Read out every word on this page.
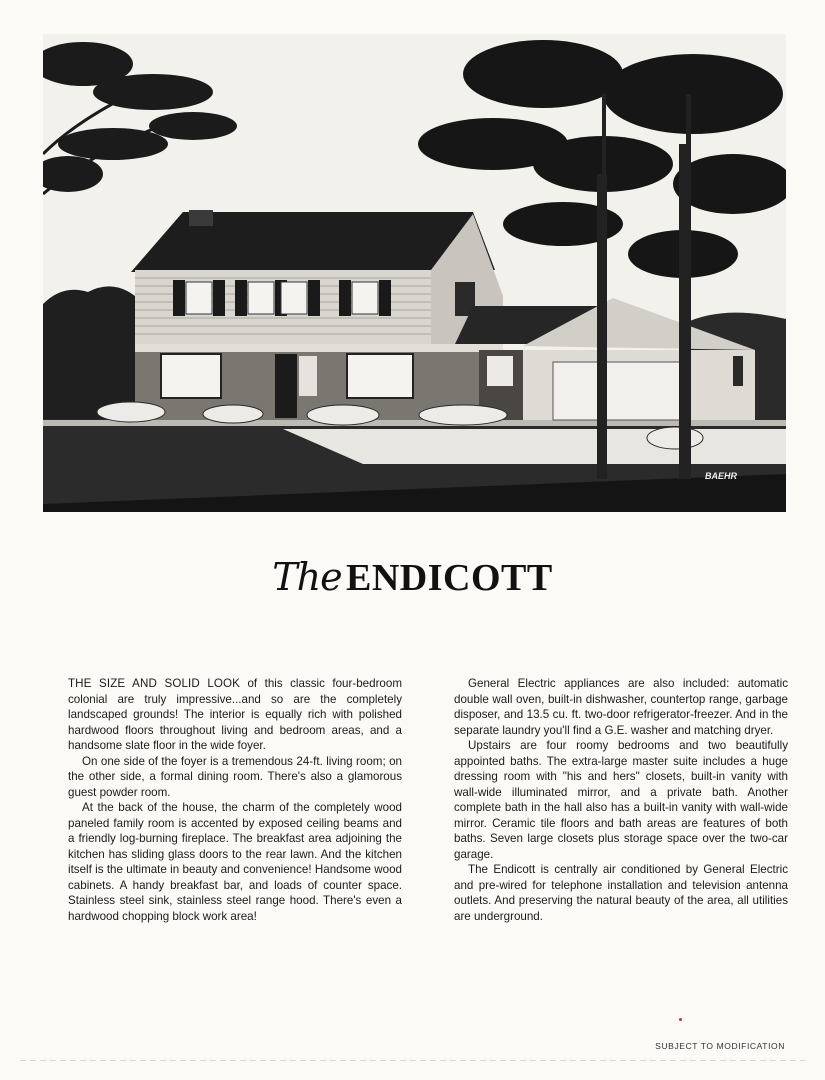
BAEHR
The ENDICOTT

THE SIZE AND SOLID LOOK of this classic four-bedroom colonial are truly impressive...and so are the completely landscaped grounds! The interior is equally rich with polished hardwood floors throughout living and bedroom areas, and a handsome slate floor in the wide foyer.

On one side of the foyer is a tremendous 24-ft. living room; on the other side, a formal dining room. There's also a glamorous guest powder room.

At the back of the house, the charm of the completely wood paneled family room is accented by exposed ceiling beams and a friendly log-burning fireplace. The breakfast area adjoining the kitchen has sliding glass doors to the rear lawn. And the kitchen itself is the ultimate in beauty and convenience! Handsome wood cabinets. A handy breakfast bar, and loads of counter space. Stainless steel sink, stainless steel range hood. There's even a hardwood chopping block work area!

General Electric appliances are also included: automatic double wall oven, built-in dishwasher, countertop range, garbage disposer, and 13.5 cu. ft. two-door refrigerator-freezer. And in the separate laundry you'll find a G.E. washer and matching dryer.

Upstairs are four roomy bedrooms and two beautifully appointed baths. The extra-large master suite includes a huge dressing room with "his and hers" closets, built-in vanity with wall-wide illuminated mirror, and a private bath. Another complete bath in the hall also has a built-in vanity with wall-wide mirror. Ceramic tile floors and bath areas are features of both baths. Seven large closets plus storage space over the two-car garage.

The Endicott is centrally air conditioned by General Electric and pre-wired for telephone installation and television antenna outlets. And preserving the natural beauty of the area, all utilities are underground.

SUBJECT TO MODIFICATION
